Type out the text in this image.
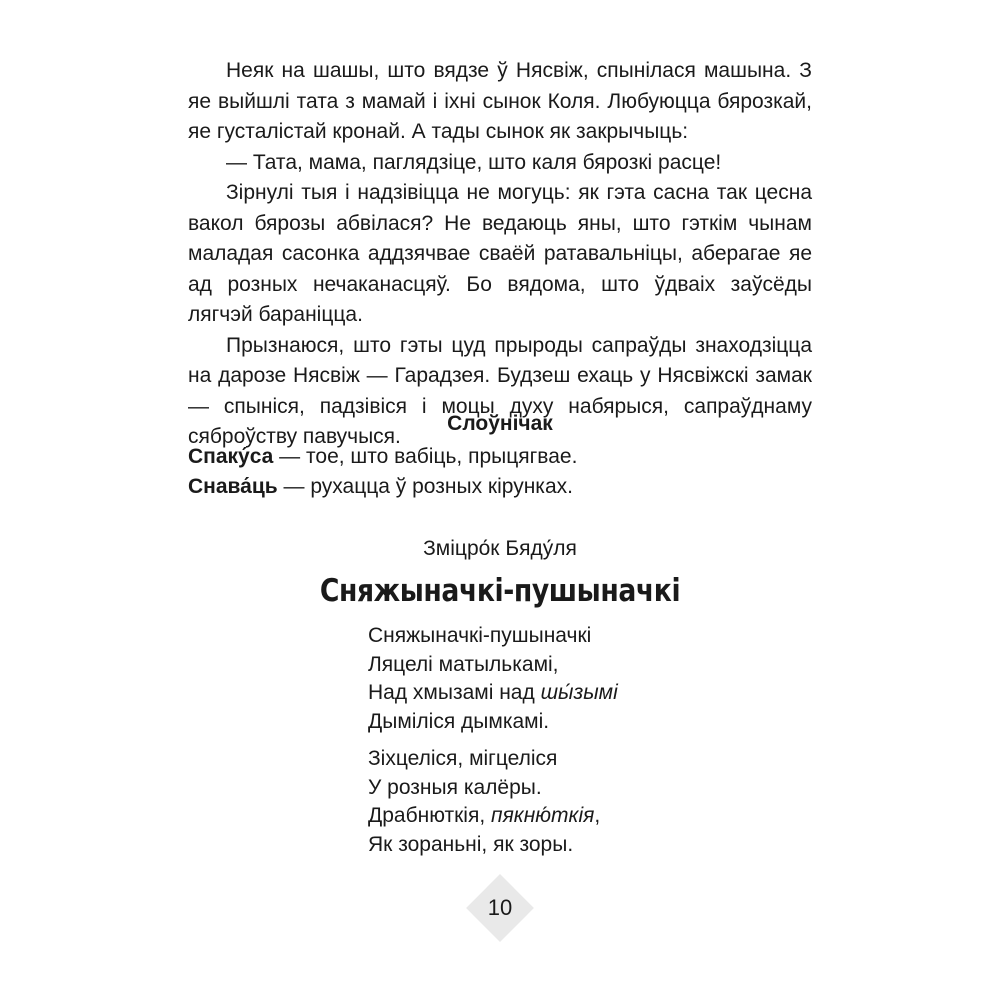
Неяк на шашы, што вядзе ў Нясвіж, спынілася машына. З яе выйшлі тата з мамай і іхні сынок Коля. Любуюцца бярозкай, яе густалістай кронай. А тады сынок як закрычыць:

— Тата, мама, паглядзіце, што каля бярозкі расце!

Зірнулі тыя і надзівіцца не могуць: як гэта сасна так цесна вакол бярозы абвілася? Не ведаюць яны, што гэткім чынам маладая сасонка аддзячвае сваёй ратавальніцы, аберагае яе ад розных нечаканасцяў. Бо вядома, што ўдваіх заўсёды лягчэй бараніцца.

Прызнаюся, што гэты цуд прыроды сапраўды знаходзіцца на дарозе Нясвіж — Гарадзея. Будзеш ехаць у Нясвіжскі замак — спыніся, падзівіся і моцы духу набярыся, сапраўднаму сяброўству павучыся.

Слоўнічак
Спаку́са — тое, што вабіць, прыцягвае.
Снава́ць — рухацца ў розных кірунках.
Зміцро́к Бяду́ля
Сняжыначкі-пушыначкі
Сняжыначкі-пушыначкі
Ляцелі матылькамі,
Над хмызамі над шы́зымі
Дыміліся дымкамі.
Зіхцеліся, мігцеліся
У розныя калёры.
Драбнюткія, пякню́ткія,
Як зораньні, як зоры.
10
